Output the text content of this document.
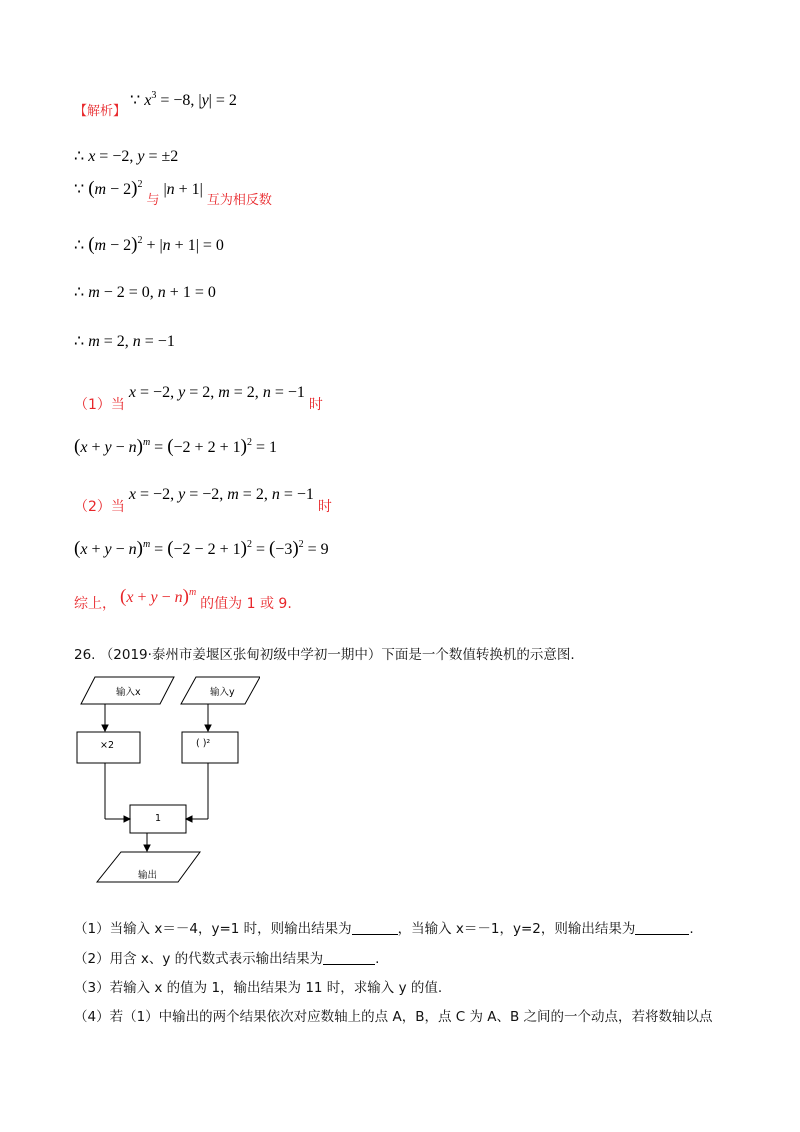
$_{【解析】}$ ∵ $x^3 = -8$, |y| = 2
∴ x = −2, y = ±2
∵ $(m - 2)^2$ $_与$ |n + 1| $_{互为相反数}$
∴ $(m - 2)^2 + |n + 1| = 0$
∴ m − 2 = 0, n + 1 = 0
∴ m = 2, n = −1
（1）当 x = −2, y = 2, m = 2, n = −1 时
$(x + y - n)^m = (-2 + 2 + 1)^2 = 1$
（2）当 x = −2, y = −2, m = 2, n = −1 时
$(x + y - n)^m = (-2 - 2 + 1)^2 = (-3)^2 = 9$
综上， $(x + y - n)^m$ 的值为 1 或 9.
26. （2019·泰州市姜堰区张甸初级中学初一期中）下面是一个数值转换机的示意图.
输入x	输入y
×2	( )²
1
输出
（1）当输入 x＝－4，y=1 时，则输出结果为	，当输入 x＝－1，y=2，则输出结果为	.
（2）用含 x、y 的代数式表示输出结果为	.
（3）若输入 x 的值为 1，输出结果为 11 时，求输入 y 的值.
（4）若（1）中输出的两个结果依次对应数轴上的点 A，B，点 C 为 A、B 之间的一个动点，若将数轴以点
